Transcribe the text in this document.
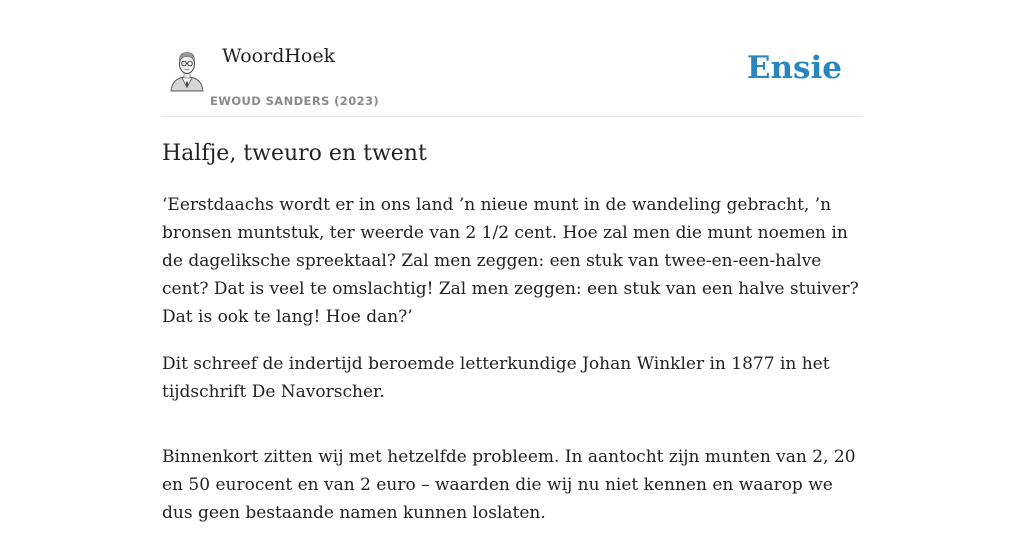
WoordHoek
EWOUD SANDERS (2023)
Ensie
Halfje, tweuro en twent

‘Eerstdaachs wordt er in ons land ’n nieue munt in de wandeling gebracht, ’n bronsen muntstuk, ter weerde van 2 1/2 cent. Hoe zal men die munt noemen in de dageliksche spreektaal? Zal men zeggen: een stuk van twee-en-een-halve cent? Dat is veel te omslachtig! Zal men zeggen: een stuk van een halve stuiver? Dat is ook te lang! Hoe dan?’

Dit schreef de indertijd beroemde letterkundige Johan Winkler in 1877 in het tijdschrift De Navorscher.

Binnenkort zitten wij met hetzelfde probleem. In aantocht zijn munten van 2, 20 en 50 eurocent en van 2 euro – waarden die wij nu niet kennen en waarop we dus geen bestaande namen kunnen loslaten.
